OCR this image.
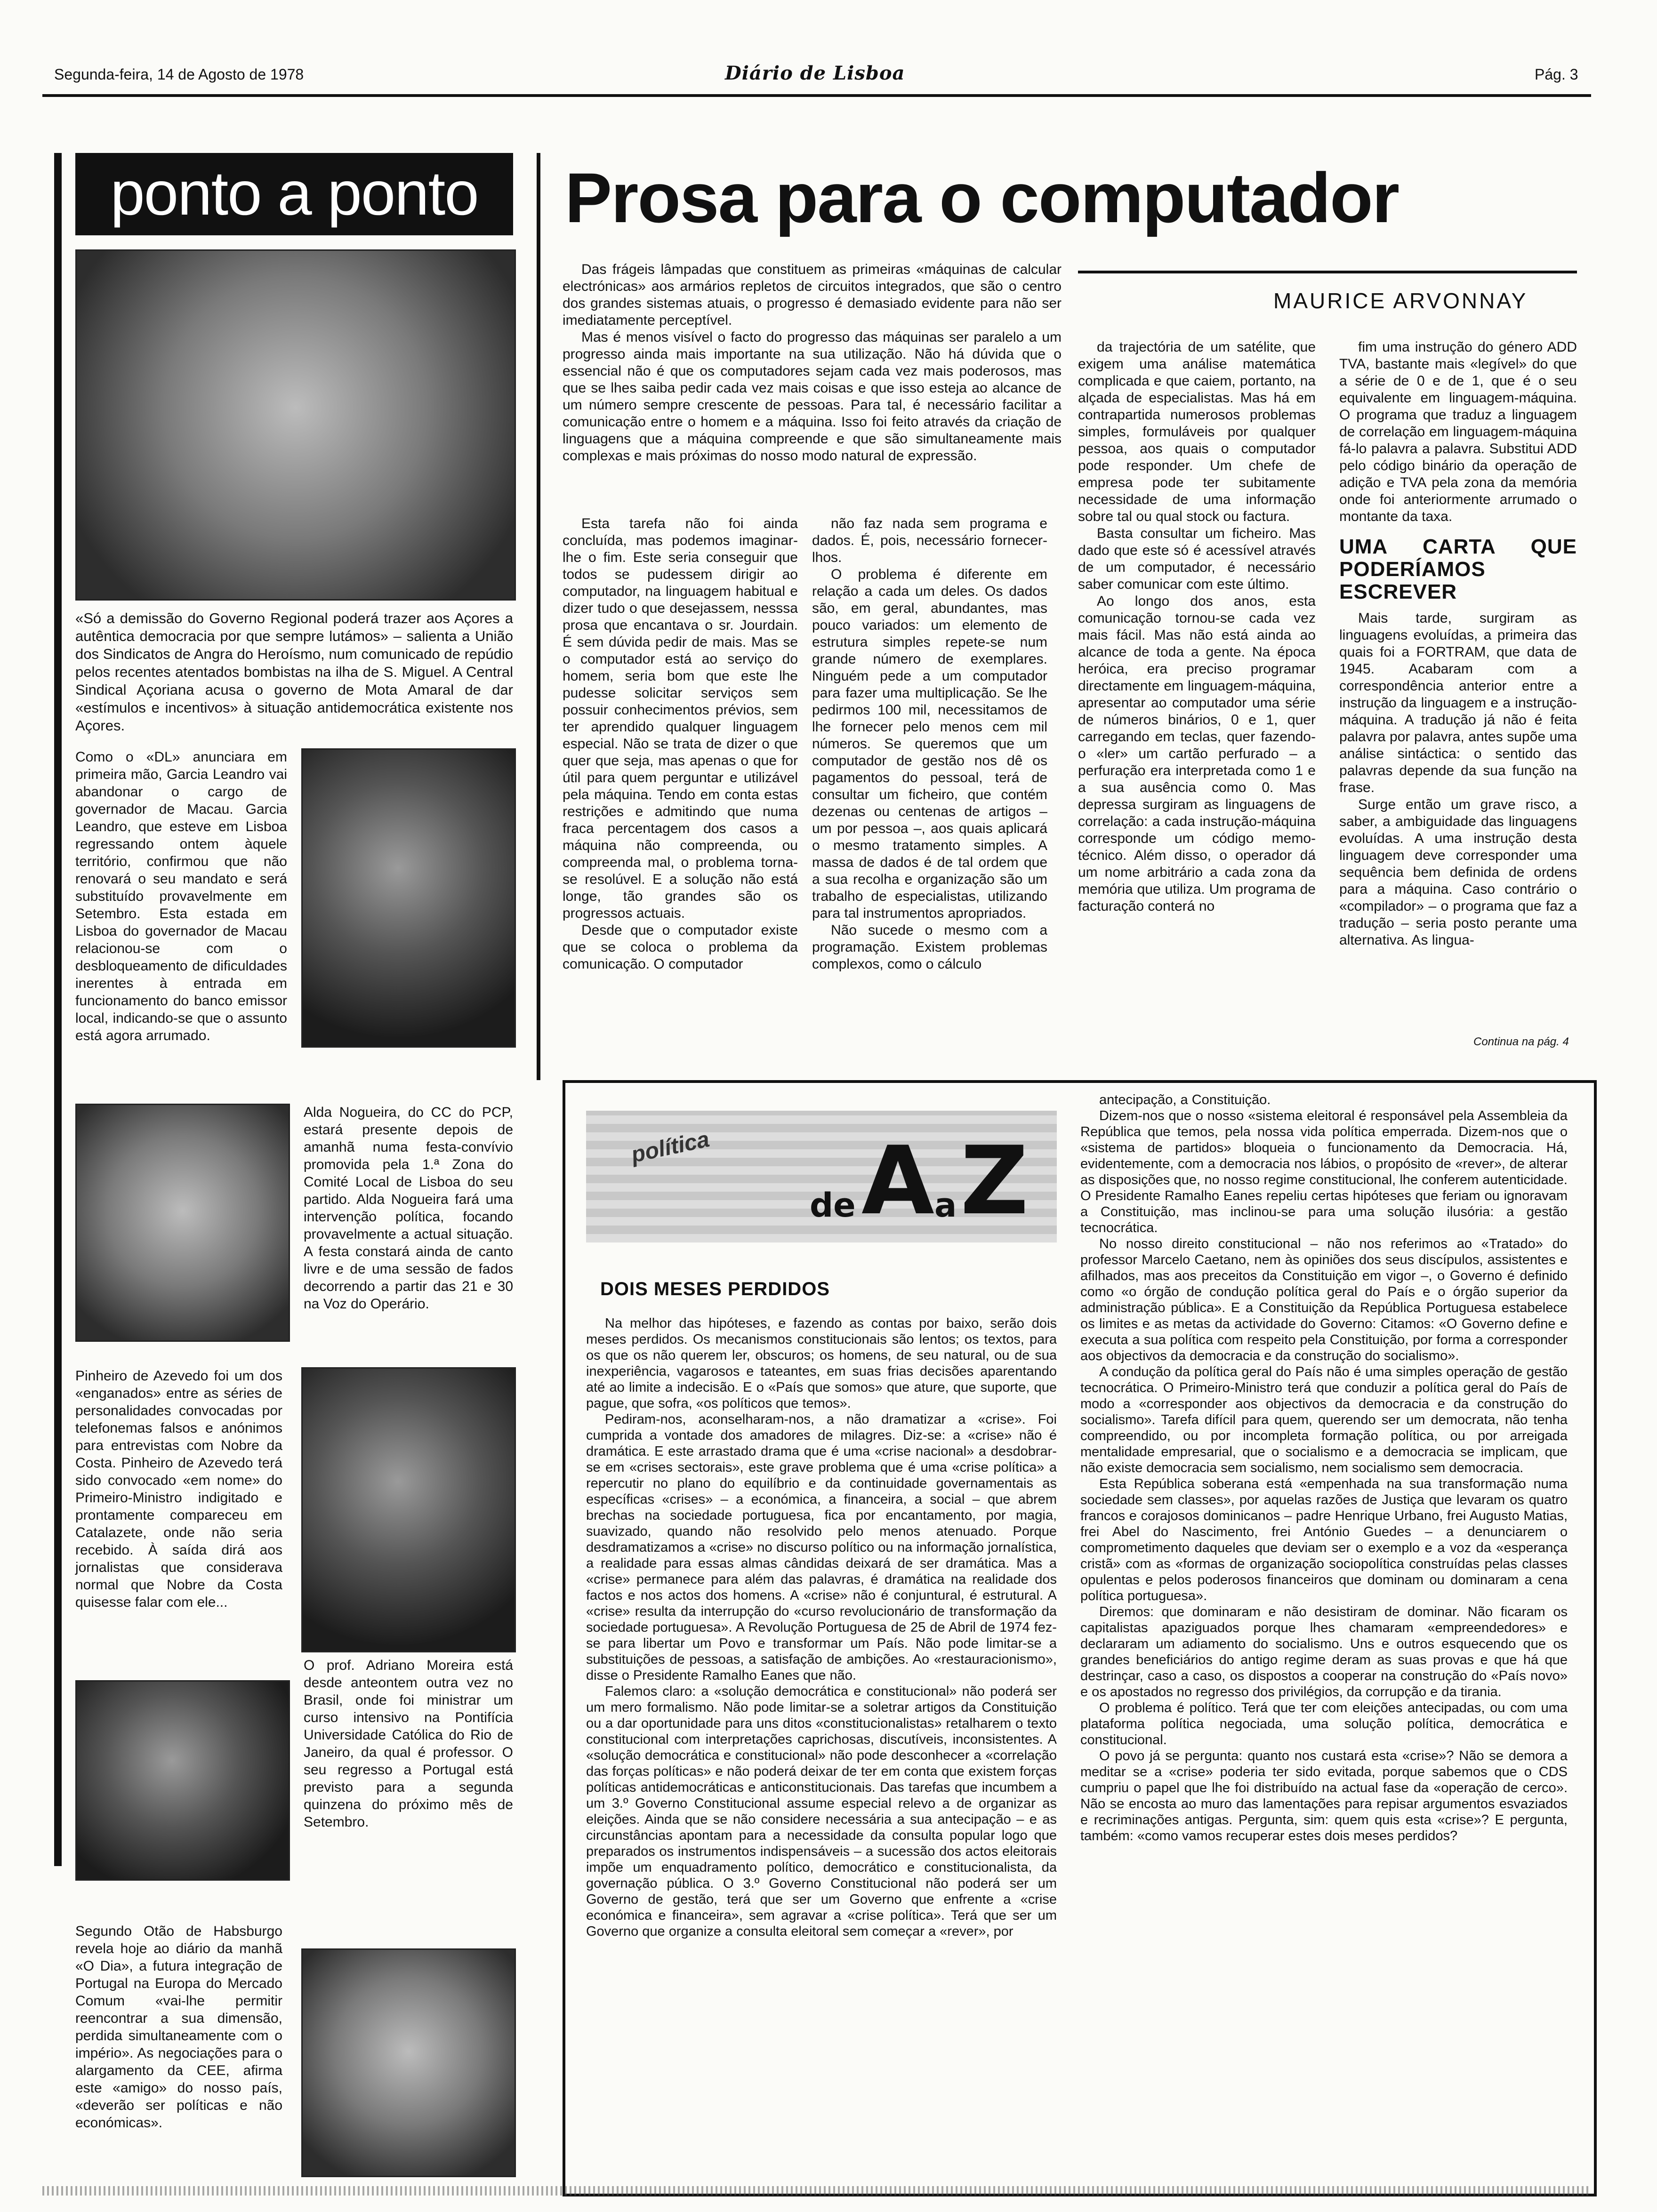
Segunda-feira, 14 de Agosto de 1978	Diário de Lisboa	Pág. 3
ponto a ponto
«Só a demissão do Governo Regional poderá trazer aos Açores a autêntica democracia por que sempre lutámos» – salienta a União dos Sindicatos de Angra do Heroísmo, num comunicado de repúdio pelos recentes atentados bombistas na ilha de S. Miguel. A Central Sindical Açoriana acusa o governo de Mota Amaral de dar «estímulos e incentivos» à situação antidemocrática existente nos Açores.
Como o «DL» anunciara em primeira mão, Garcia Leandro vai abandonar o cargo de governador de Macau. Garcia Leandro, que esteve em Lisboa regressando ontem àquele território, confirmou que não renovará o seu mandato e será substituído provavelmente em Setembro. Esta estada em Lisboa do governador de Macau relacionou-se com o desbloqueamento de dificuldades inerentes à entrada em funcionamento do banco emissor local, indicando-se que o assunto está agora arrumado.
Alda Nogueira, do CC do PCP, estará presente depois de amanhã numa festa-convívio promovida pela 1.ª Zona do Comité Local de Lisboa do seu partido. Alda Nogueira fará uma intervenção política, focando provavelmente a actual situação. A festa constará ainda de canto livre e de uma sessão de fados decorrendo a partir das 21 e 30 na Voz do Operário.
Pinheiro de Azevedo foi um dos «enganados» entre as séries de personalidades convocadas por telefonemas falsos e anónimos para entrevistas com Nobre da Costa. Pinheiro de Azevedo terá sido convocado «em nome» do Primeiro-Ministro indigitado e prontamente compareceu em Catalazete, onde não seria recebido. À saída dirá aos jornalistas que considerava normal que Nobre da Costa quisesse falar com ele...
O prof. Adriano Moreira está desde anteontem outra vez no Brasil, onde foi ministrar um curso intensivo na Pontifícia Universidade Católica do Rio de Janeiro, da qual é professor. O seu regresso a Portugal está previsto para a segunda quinzena do próximo mês de Setembro.
Segundo Otão de Habsburgo revela hoje ao diário da manhã «O Dia», a futura integração de Portugal na Europa do Mercado Comum «vai-lhe permitir reencontrar a sua dimensão, perdida simultaneamente com o império». As negociações para o alargamento da CEE, afirma este «amigo» do nosso país, «deverão ser políticas e não económicas».
Prosa para o computador

Das frágeis lâmpadas que constituem as primeiras «máquinas de calcular electrónicas» aos armários repletos de circuitos integrados, que são o centro dos grandes sistemas atuais, o progresso é demasiado evidente para não ser imediatamente perceptível.

Mas é menos visível o facto do progresso das máquinas ser paralelo a um progresso ainda mais importante na sua utilização. Não há dúvida que o essencial não é que os computadores sejam cada vez mais poderosos, mas que se lhes saiba pedir cada vez mais coisas e que isso esteja ao alcance de um número sempre crescente de pessoas. Para tal, é necessário facilitar a comunicação entre o homem e a máquina. Isso foi feito através da criação de linguagens que a máquina compreende e que são simultaneamente mais complexas e mais próximas do nosso modo natural de expressão.

MAURICE ARVONNAY

Esta tarefa não foi ainda concluída, mas podemos imaginar-lhe o fim. Este seria conseguir que todos se pudessem dirigir ao computador, na linguagem habitual e dizer tudo o que desejassem, nesssa prosa que encantava o sr. Jourdain. É sem dúvida pedir de mais. Mas se o computador está ao serviço do homem, seria bom que este lhe pudesse solicitar serviços sem possuir conhecimentos prévios, sem ter aprendido qualquer linguagem especial. Não se trata de dizer o que quer que seja, mas apenas o que for útil para quem perguntar e utilizável pela máquina. Tendo em conta estas restrições e admitindo que numa fraca percentagem dos casos a máquina não compreenda, ou compreenda mal, o problema torna-se resolúvel. E a solução não está longe, tão grandes são os progressos actuais.

Desde que o computador existe que se coloca o problema da comunicação. O computador

não faz nada sem programa e dados. É, pois, necessário fornecer-lhos.

O problema é diferente em relação a cada um deles. Os dados são, em geral, abundantes, mas pouco variados: um elemento de estrutura simples repete-se num grande número de exemplares. Ninguém pede a um computador para fazer uma multiplicação. Se lhe pedirmos 100 mil, necessitamos de lhe fornecer pelo menos cem mil números. Se queremos que um computador de gestão nos dê os pagamentos do pessoal, terá de consultar um ficheiro, que contém dezenas ou centenas de artigos – um por pessoa –, aos quais aplicará o mesmo tratamento simples. A massa de dados é de tal ordem que a sua recolha e organização são um trabalho de especialistas, utilizando para tal instrumentos apropriados.

Não sucede o mesmo com a programação. Existem problemas complexos, como o cálculo

da trajectória de um satélite, que exigem uma análise matemática complicada e que caiem, portanto, na alçada de especialistas. Mas há em contrapartida numerosos problemas simples, formuláveis por qualquer pessoa, aos quais o computador pode responder. Um chefe de empresa pode ter subitamente necessidade de uma informação sobre tal ou qual stock ou factura.

Basta consultar um ficheiro. Mas dado que este só é acessível através de um computador, é necessário saber comunicar com este último.

Ao longo dos anos, esta comunicação tornou-se cada vez mais fácil. Mas não está ainda ao alcance de toda a gente. Na época heróica, era preciso programar directamente em linguagem-máquina, apresentar ao computador uma série de números binários, 0 e 1, quer carregando em teclas, quer fazendo-o «ler» um cartão perfurado – a perfuração era interpretada como 1 e a sua ausência como 0. Mas depressa surgiram as linguagens de correlação: a cada instrução-máquina corresponde um código memo-técnico. Além disso, o operador dá um nome arbitrário a cada zona da memória que utiliza. Um programa de facturação conterá no

fim uma instrução do género ADD TVA, bastante mais «legível» do que a série de 0 e de 1, que é o seu equivalente em linguagem-máquina. O programa que traduz a linguagem de correlação em linguagem-máquina fá-lo palavra a palavra. Substitui ADD pelo código binário da operação de adição e TVA pela zona da memória onde foi anteriormente arrumado o montante da taxa.

UMA CARTA QUE PODERÍAMOS ESCREVER

Mais tarde, surgiram as linguagens evoluídas, a primeira das quais foi a FORTRAM, que data de 1945. Acabaram com a correspondência anterior entre a instrução da linguagem e a instrução-máquina. A tradução já não é feita palavra por palavra, antes supõe uma análise sintáctica: o sentido das palavras depende da sua função na frase.

Surge então um grave risco, a saber, a ambiguidade das linguagens evoluídas. A uma instrução desta linguagem deve corresponder uma sequência bem definida de ordens para a máquina. Caso contrário o «compilador» – o programa que faz a tradução – seria posto perante uma alternativa. As lingua-

Continua na pág. 4
política
de A a Z
DOIS MESES PERDIDOS

Na melhor das hipóteses, e fazendo as contas por baixo, serão dois meses perdidos. Os mecanismos constitucionais são lentos; os textos, para os que os não querem ler, obscuros; os homens, de seu natural, ou de sua inexperiência, vagarosos e tateantes, em suas frias decisões aparentando até ao limite a indecisão. E o «País que somos» que ature, que suporte, que pague, que sofra, «os políticos que temos».

Pediram-nos, aconselharam-nos, a não dramatizar a «crise». Foi cumprida a vontade dos amadores de milagres. Diz-se: a «crise» não é dramática. E este arrastado drama que é uma «crise nacional» a desdobrar-se em «crises sectorais», este grave problema que é uma «crise política» a repercutir no plano do equilíbrio e da continuidade governamentais as específicas «crises» – a económica, a financeira, a social – que abrem brechas na sociedade portuguesa, fica por encantamento, por magia, suavizado, quando não resolvido pelo menos atenuado. Porque desdramatizamos a «crise» no discurso político ou na informação jornalística, a realidade para essas almas cândidas deixará de ser dramática. Mas a «crise» permanece para além das palavras, é dramática na realidade dos factos e nos actos dos homens. A «crise» não é conjuntural, é estrutural. A «crise» resulta da interrupção do «curso revolucionário de transformação da sociedade portuguesa». A Revolução Portuguesa de 25 de Abril de 1974 fez-se para libertar um Povo e transformar um País. Não pode limitar-se a substituições de pessoas, a satisfação de ambições. Ao «restauracionismo», disse o Presidente Ramalho Eanes que não.

Falemos claro: a «solução democrática e constitucional» não poderá ser um mero formalismo. Não pode limitar-se a soletrar artigos da Constituição ou a dar oportunidade para uns ditos «constitucionalistas» retalharem o texto constitucional com interpretações caprichosas, discutíveis, inconsistentes. A «solução democrática e constitucional» não pode desconhecer a «correlação das forças políticas» e não poderá deixar de ter em conta que existem forças políticas antidemocráticas e anticonstitucionais. Das tarefas que incumbem a um 3.º Governo Constitucional assume especial relevo a de organizar as eleições. Ainda que se não considere necessária a sua antecipação – e as circunstâncias apontam para a necessidade da consulta popular logo que preparados os instrumentos indispensáveis – a sucessão dos actos eleitorais impõe um enquadramento político, democrático e constitucionalista, da governação pública. O 3.º Governo Constitucional não poderá ser um Governo de gestão, terá que ser um Governo que enfrente a «crise económica e financeira», sem agravar a «crise política». Terá que ser um Governo que organize a consulta eleitoral sem começar a «rever», por

antecipação, a Constituição.

Dizem-nos que o nosso «sistema eleitoral é responsável pela Assembleia da República que temos, pela nossa vida política emperrada. Dizem-nos que o «sistema de partidos» bloqueia o funcionamento da Democracia. Há, evidentemente, com a democracia nos lábios, o propósito de «rever», de alterar as disposições que, no nosso regime constitucional, lhe conferem autenticidade. O Presidente Ramalho Eanes repeliu certas hipóteses que feriam ou ignoravam a Constituição, mas inclinou-se para uma solução ilusória: a gestão tecnocrática.

No nosso direito constitucional – não nos referimos ao «Tratado» do professor Marcelo Caetano, nem às opiniões dos seus discípulos, assistentes e afilhados, mas aos preceitos da Constituição em vigor –, o Governo é definido como «o órgão de condução política geral do País e o órgão superior da administração pública». E a Constituição da República Portuguesa estabelece os limites e as metas da actividade do Governo: Citamos: «O Governo define e executa a sua política com respeito pela Constituição, por forma a corresponder aos objectivos da democracia e da construção do socialismo».

A condução da política geral do País não é uma simples operação de gestão tecnocrática. O Primeiro-Ministro terá que conduzir a política geral do País de modo a «corresponder aos objectivos da democracia e da construção do socialismo». Tarefa difícil para quem, querendo ser um democrata, não tenha compreendido, ou por incompleta formação política, ou por arreigada mentalidade empresarial, que o socialismo e a democracia se implicam, que não existe democracia sem socialismo, nem socialismo sem democracia.

Esta República soberana está «empenhada na sua transformação numa sociedade sem classes», por aquelas razões de Justiça que levaram os quatro francos e corajosos dominicanos – padre Henrique Urbano, frei Augusto Matias, frei Abel do Nascimento, frei António Guedes – a denunciarem o comprometimento daqueles que deviam ser o exemplo e a voz da «esperança cristã» com as «formas de organização sociopolítica construídas pelas classes opulentas e pelos poderosos financeiros que dominam ou dominaram a cena política portuguesa».

Diremos: que dominaram e não desistiram de dominar. Não ficaram os capitalistas apaziguados porque lhes chamaram «empreendedores» e declararam um adiamento do socialismo. Uns e outros esquecendo que os grandes beneficiários do antigo regime deram as suas provas e que há que destrinçar, caso a caso, os dispostos a cooperar na construção do «País novo» e os apostados no regresso dos privilégios, da corrupção e da tirania.

O problema é político. Terá que ter com eleições antecipadas, ou com uma plataforma política negociada, uma solução política, democrática e constitucional.

O povo já se pergunta: quanto nos custará esta «crise»? Não se demora a meditar se a «crise» poderia ter sido evitada, porque sabemos que o CDS cumpriu o papel que lhe foi distribuído na actual fase da «operação de cerco». Não se encosta ao muro das lamentações para repisar argumentos esvaziados e recriminações antigas. Pergunta, sim: quem quis esta «crise»? E pergunta, também: «como vamos recuperar estes dois meses perdidos?
